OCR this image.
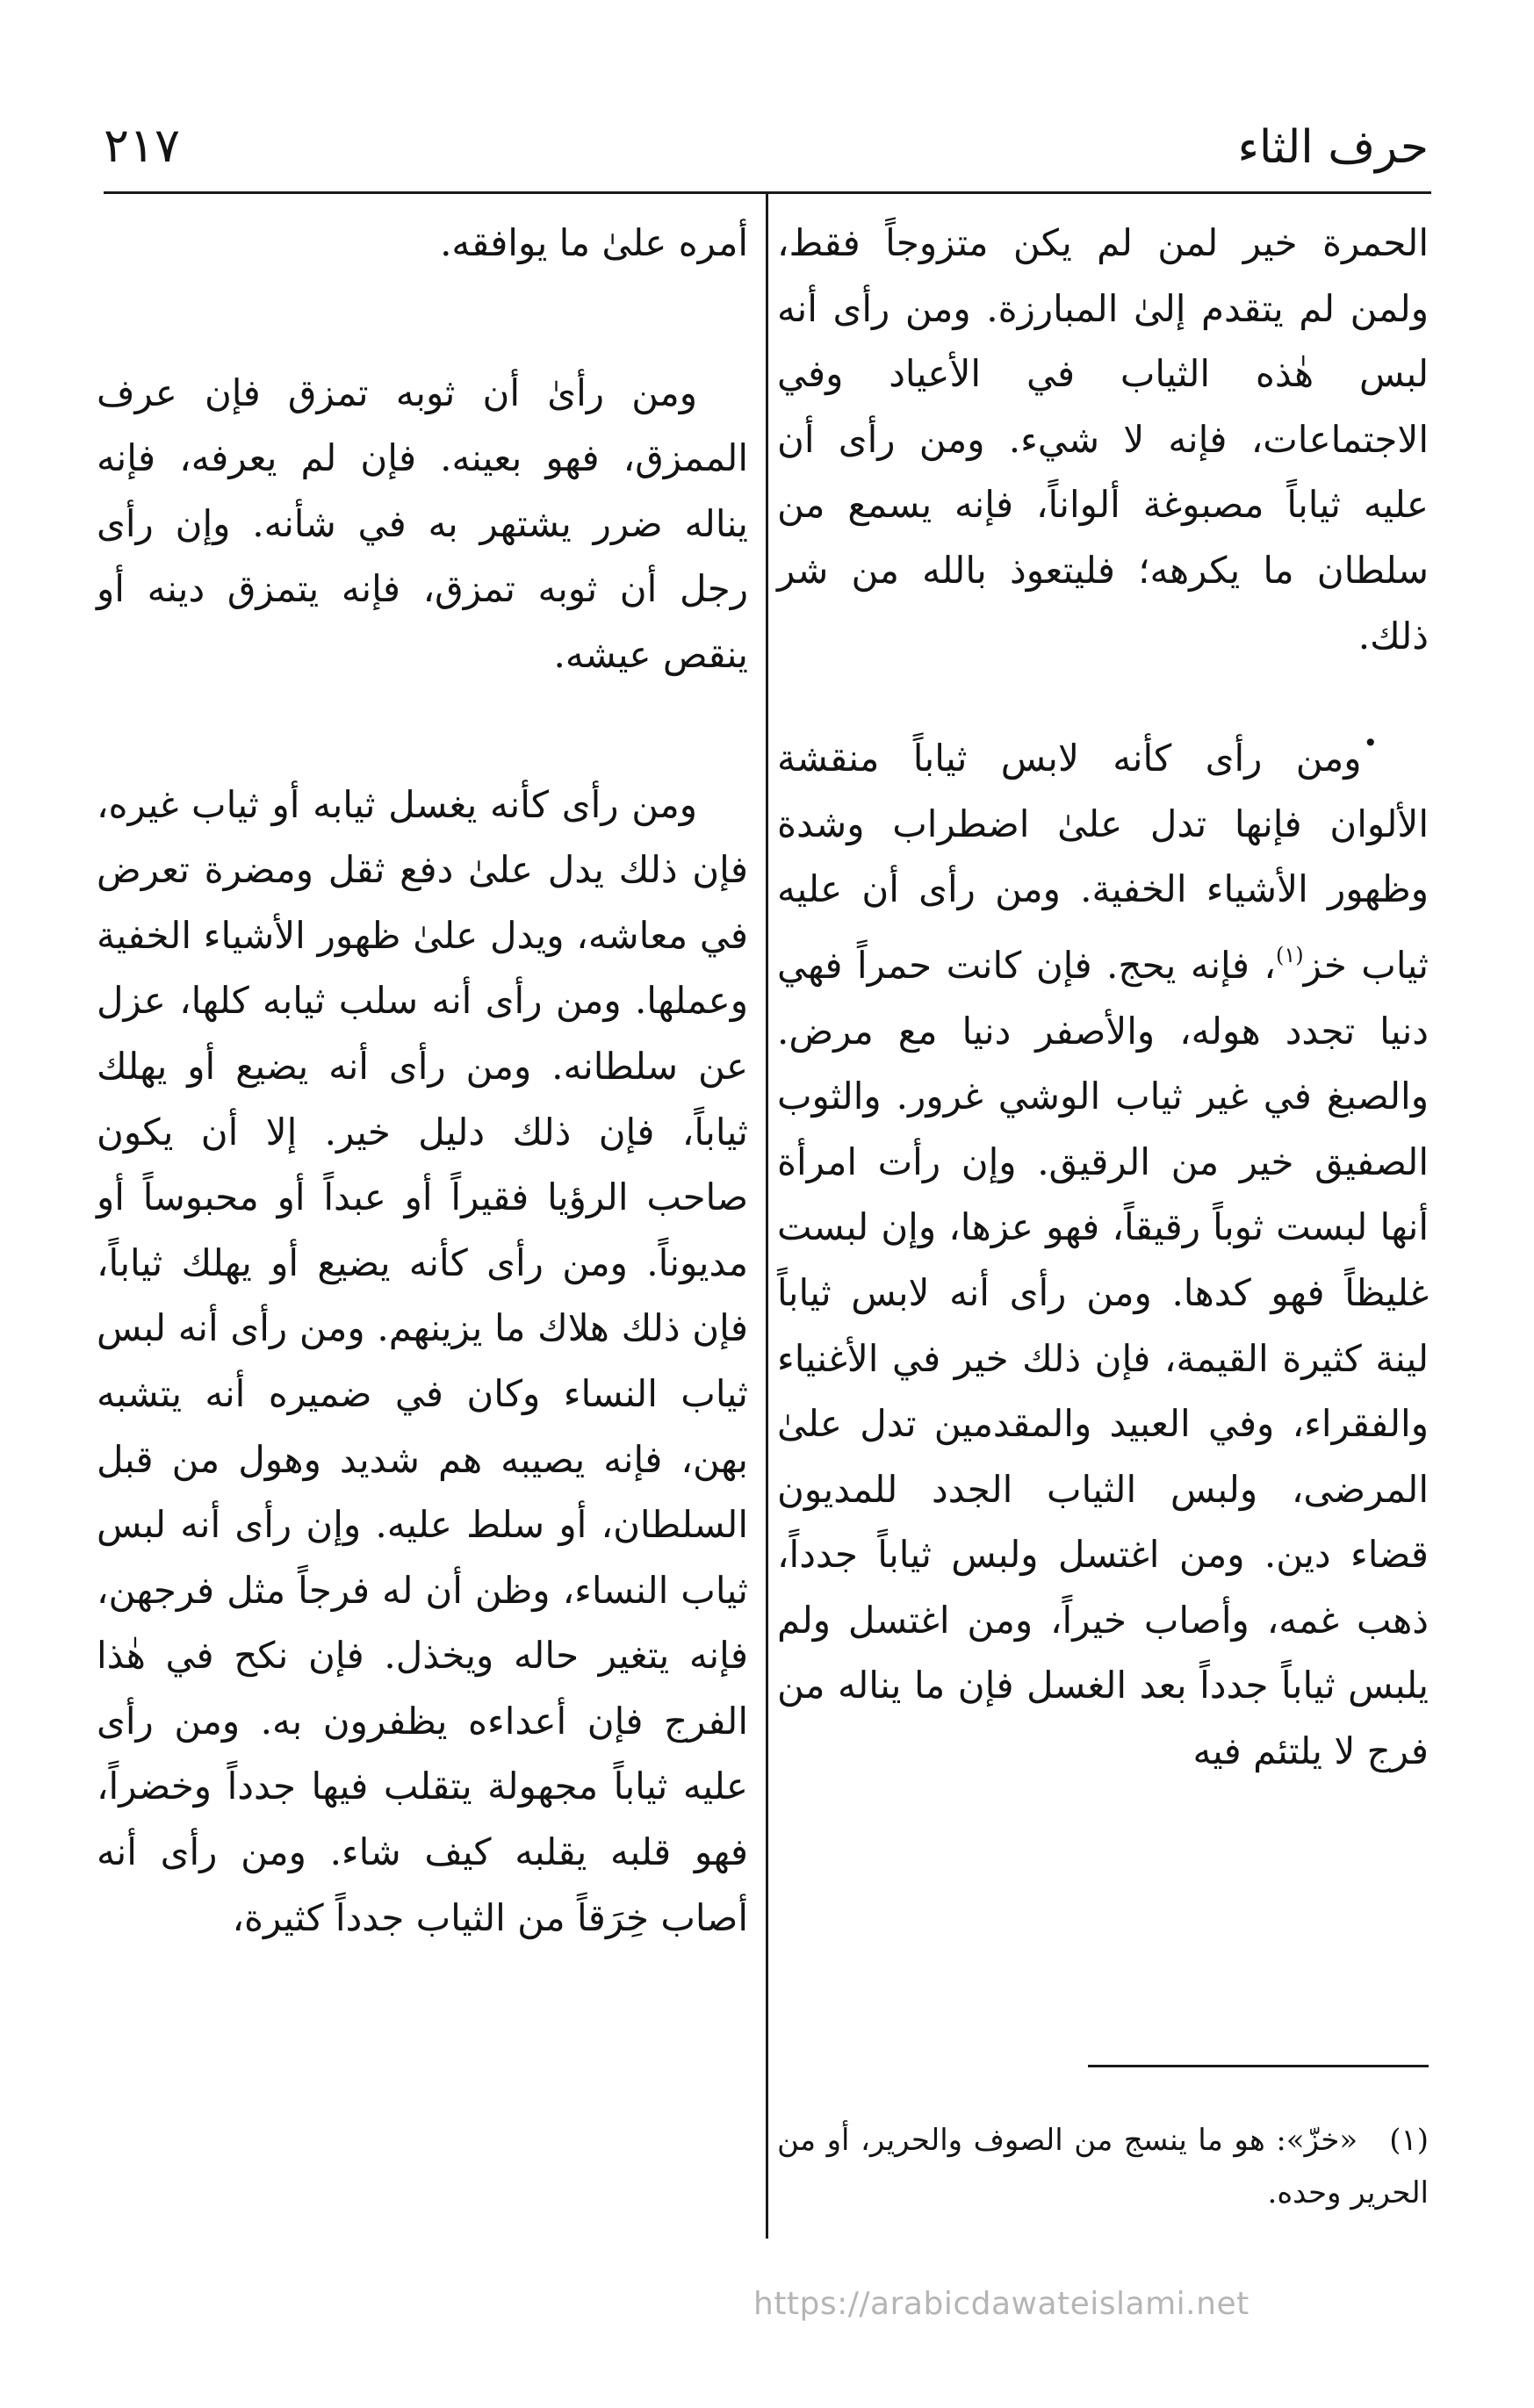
حرف الثاء
٢١٧

الحمرة خير لمن لم يكن متزوجاً فقط، ولمن لم يتقدم إلىٰ المبارزة. ومن رأى أنه لبس هٰذه الثياب في الأعياد وفي الاجتماعات، فإنه لا شيء. ومن رأى أن عليه ثياباً مصبوغة ألواناً، فإنه يسمع من سلطان ما يكرهه؛ فليتعوذ بالله من شر ذلك.

•ومن رأى كأنه لابس ثياباً منقشة الألوان فإنها تدل علىٰ اضطراب وشدة وظهور الأشياء الخفية. ومن رأى أن عليه ثياب خز$^{(١)}$، فإنه يحج. فإن كانت حمراً فهي دنيا تجدد هوله، والأصفر دنيا مع مرض. والصبغ في غير ثياب الوشي غرور. والثوب الصفيق خير من الرقيق. وإن رأت امرأة أنها لبست ثوباً رقيقاً، فهو عزها، وإن لبست غليظاً فهو كدها. ومن رأى أنه لابس ثياباً لينة كثيرة القيمة، فإن ذلك خير في الأغنياء والفقراء، وفي العبيد والمقدمين تدل علىٰ المرضى، ولبس الثياب الجدد للمديون قضاء دين. ومن اغتسل ولبس ثياباً جدداً، ذهب غمه، وأصاب خيراً، ومن اغتسل ولم يلبس ثياباً جدداً بعد الغسل فإن ما يناله من فرج لا يلتئم فيه

أمره علىٰ ما يوافقه.

ومن رأىٰ أن ثوبه تمزق فإن عرف الممزق، فهو بعينه. فإن لم يعرفه، فإنه يناله ضرر يشتهر به في شأنه. وإن رأى رجل أن ثوبه تمزق، فإنه يتمزق دينه أو ينقص عيشه.

ومن رأى كأنه يغسل ثيابه أو ثياب غيره، فإن ذلك يدل علىٰ دفع ثقل ومضرة تعرض في معاشه، ويدل علىٰ ظهور الأشياء الخفية وعملها. ومن رأى أنه سلب ثيابه كلها، عزل عن سلطانه. ومن رأى أنه يضيع أو يهلك ثياباً، فإن ذلك دليل خير. إلا أن يكون صاحب الرؤيا فقيراً أو عبداً أو محبوساً أو مديوناً. ومن رأى كأنه يضيع أو يهلك ثياباً، فإن ذلك هلاك ما يزينهم. ومن رأى أنه لبس ثياب النساء وكان في ضميره أنه يتشبه بهن، فإنه يصيبه هم شديد وهول من قبل السلطان، أو سلط عليه. وإن رأى أنه لبس ثياب النساء، وظن أن له فرجاً مثل فرجهن، فإنه يتغير حاله ويخذل. فإن نكح في هٰذا الفرج فإن أعداءه يظفرون به. ومن رأى عليه ثياباً مجهولة يتقلب فيها جدداً وخضراً، فهو قلبه يقلبه كيف شاء. ومن رأى أنه أصاب خِرَقاً من الثياب جدداً كثيرة،

(١)«خزّ»: هو ما ينسج من الصوف والحرير، أو من الحرير وحده.
https://arabicdawateislami.net
